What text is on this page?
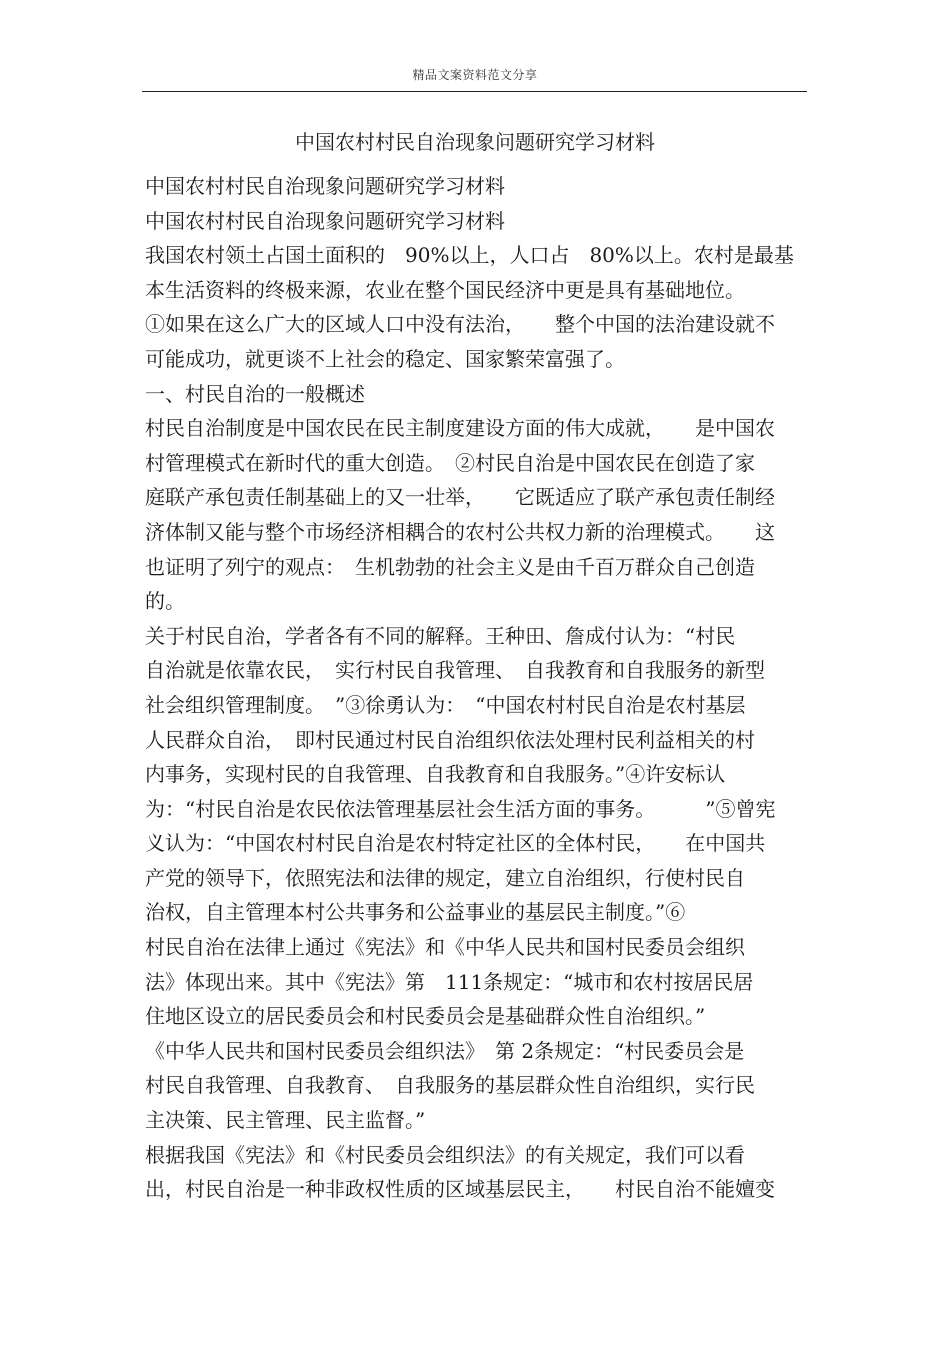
精品文案资料范文分享
中国农村村民自治现象问题研究学习材料
中国农村村民自治现象问题研究学习材料
中国农村村民自治现象问题研究学习材料
我国农村领土占国土面积的　90%以上，人口占　80%以上。农村是最基
本生活资料的终极来源，农业在整个国民经济中更是具有基础地位。
①如果在这么广大的区域人口中没有法治，　　整个中国的法治建设就不
可能成功，就更谈不上社会的稳定、国家繁荣富强了。
一、村民自治的一般概述
村民自治制度是中国农民在民主制度建设方面的伟大成就，　　是中国农
村管理模式在新时代的重大创造。　②村民自治是中国农民在创造了家
庭联产承包责任制基础上的又一壮举，　　它既适应了联产承包责任制经
济体制又能与整个市场经济相耦合的农村公共权力新的治理模式。　　这
也证明了列宁的观点：　生机勃勃的社会主义是由千百万群众自己创造
的。
关于村民自治，学者各有不同的解释。王种田、詹成付认为：“村民
自治就是依靠农民，　实行村民自我管理、　自我教育和自我服务的新型
社会组织管理制度。　”③徐勇认为：　“中国农村村民自治是农村基层
人民群众自治，　即村民通过村民自治组织依法处理村民利益相关的村
内事务，实现村民的自我管理、自我教育和自我服务。”④许安标认
为：“村民自治是农民依法管理基层社会生活方面的事务。　　　”⑤曾宪
义认为：“中国农村村民自治是农村特定社区的全体村民，　　在中国共
产党的领导下，依照宪法和法律的规定，建立自治组织，行使村民自
治权，自主管理本村公共事务和公益事业的基层民主制度。”⑥
村民自治在法律上通过《宪法》和《中华人民共和国村民委员会组织
法》体现出来。其中《宪法》第　111条规定：“城市和农村按居民居
住地区设立的居民委员会和村民委员会是基础群众性自治组织。”
《中华人民共和国村民委员会组织法》　第 2条规定：“村民委员会是
村民自我管理、自我教育、　自我服务的基层群众性自治组织，实行民
主决策、民主管理、民主监督。”
根据我国《宪法》和《村民委员会组织法》的有关规定，我们可以看
出，村民自治是一种非政权性质的区域基层民主，　　村民自治不能嬗变
